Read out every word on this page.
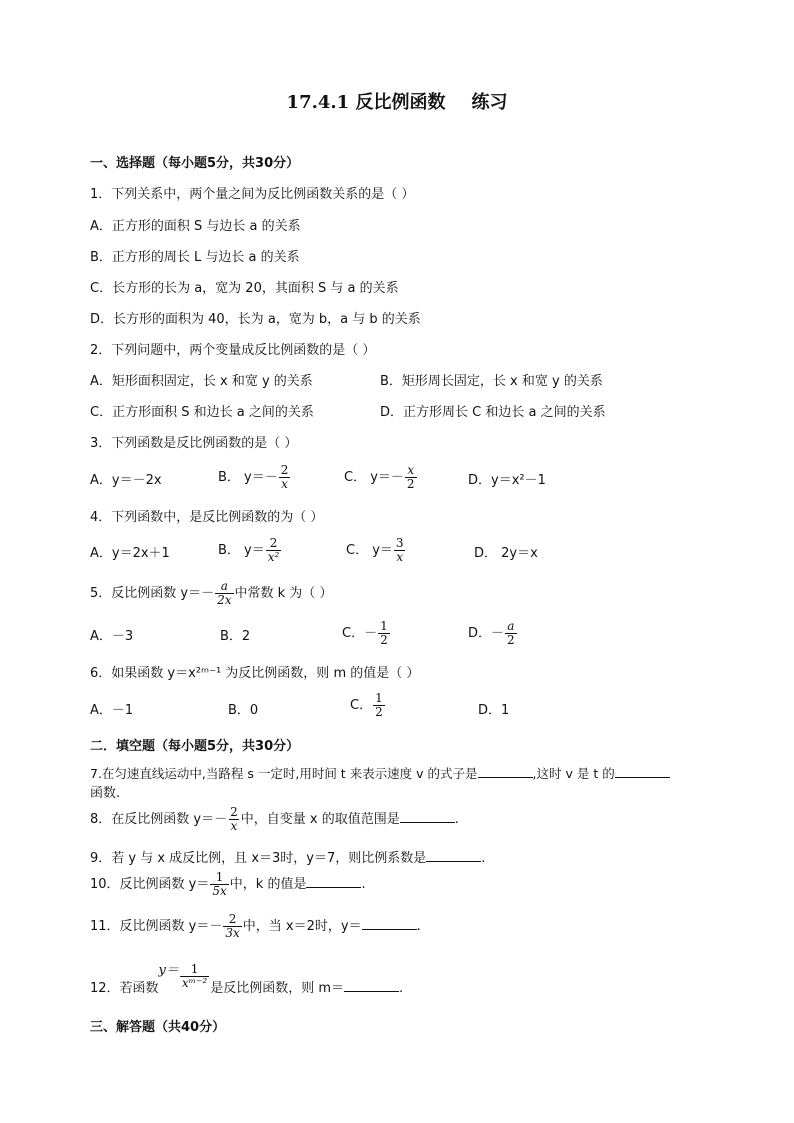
17.4.1 反比例函数 练习
一、选择题（每小题5分，共30分）
1．下列关系中，两个量之间为反比例函数关系的是（ ）
A．正方形的面积 S 与边长 a 的关系
B．正方形的周长 L 与边长 a 的关系
C．长方形的长为 a，宽为 20，其面积 S 与 a 的关系
D．长方形的面积为 40，长为 a，宽为 b，a 与 b 的关系
2．下列问题中，两个变量成反比例函数的是（ ）
A．矩形面积固定，长 x 和宽 y 的关系	B．矩形周长固定，长 x 和宽 y 的关系
C．正方形面积 S 和边长 a 之间的关系	D．正方形周长 C 和边长 a 之间的关系
3．下列函数是反比例函数的是（ ）
A．y＝－2x	B． $y=- \frac{2}{x}$	C． $y=- \frac{x}{2}$	D．y＝x²－1
4．下列函数中，是反比例函数的为（ ）
A．y＝2x＋1	B． $y= \frac{2}{\text{x²}}$	C． $y= \frac{3}{x}$	D． 2y＝x
5．反比例函数 $y=- \frac{a}{2x}$ 中常数 k 为（ ）
A．－3	B．2	C．－ $\frac{1}{2}$	D．－ $\frac{a}{2}$
6．如果函数 y＝x²ᵐ⁻¹ 为反比例函数，则 m 的值是（ ）
A．－1	B．0	C． $\frac{1}{2}$	D．1
二．填空题（每小题5分，共30分）
7.在匀速直线运动中,当路程 s 一定时,用时间 t 来表示速度 v 的式子是	,这时 v 是 t 的
函数.
8．在反比例函数 $y=- \frac{2}{x}$ 中，自变量 x 的取值范围是	.
9．若 y 与 x 成反比例，且 x＝3时，y＝7，则比例系数是	.
10．反比例函数 $y= \frac{1}{5x}$ 中，k 的值是	.
11．反比例函数 $y=- \frac{2}{3x}$ 中，当 x＝2时，y＝	.
12．若函数$y= \frac{1}{\text{xᵐ⁻²}}$ 是反比例函数，则 m＝	.
三、解答题（共40分）
